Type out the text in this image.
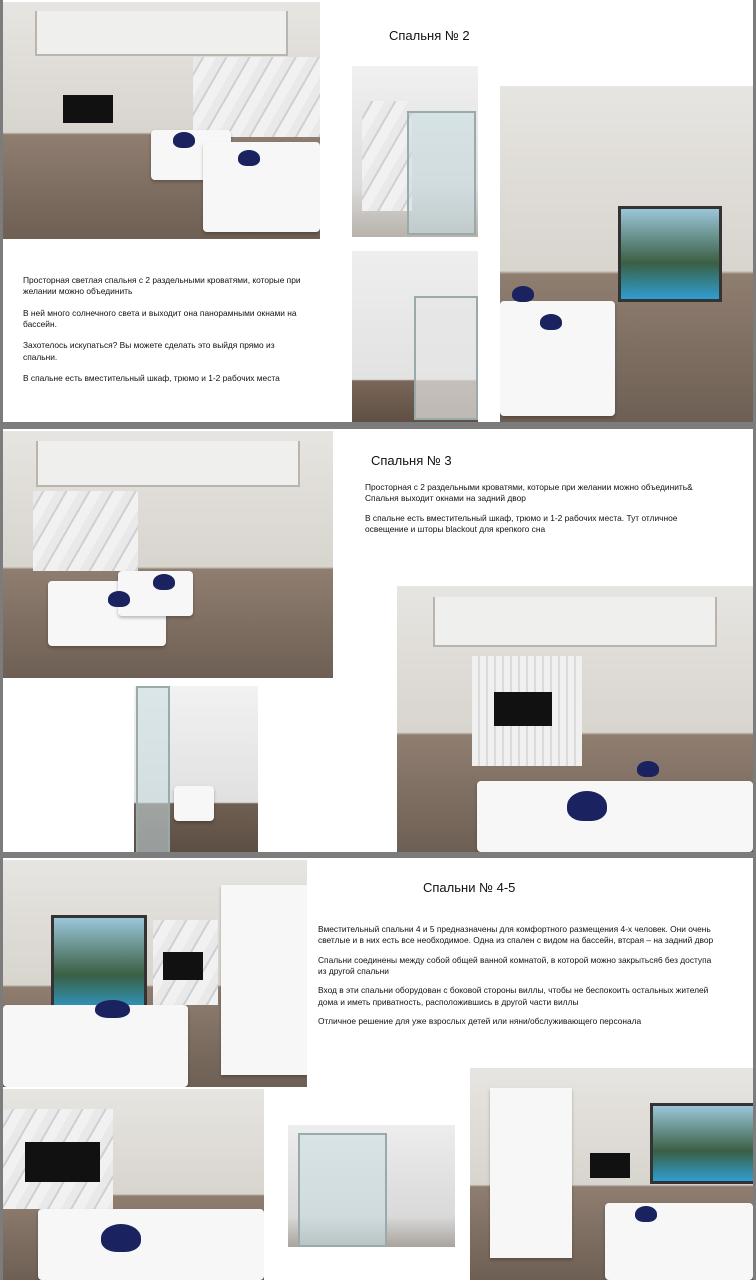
Спальня № 2

Просторная светлая спальня с 2 раздельными кроватями, которые при желании можно объединить

В ней много солнечного света и выходит она панорамными окнами на бассейн.

Захотелось искупаться? Вы можете сделать это выйдя прямо из спальни.

В спальне есть вместительный шкаф, трюмо и 1-2 рабочих места

Спальня № 3

Просторная с 2 раздельными кроватями, которые при желании можно объединить& Спальня выходит окнами на задний двор

В спальне есть вместительный шкаф, трюмо и 1-2 рабочих места. Тут отличное освещение и шторы blackout для крепкого сна

Спальни № 4-5

Вместительный спальни 4 и 5 предназначены для комфортного размещения 4-х человек. Они очень светлые и в них есть все необходимое. Одна из спален с видом на бассейн, втсрая – на задний двор

Спальни соединены между собой общей ванной комнатой, в которой можно закрыться6 без доступа из другой спальни

Вход в эти спальни оборудован с боковой стороны виллы, чтобы не беспокоить остальных жителей дома и иметь приватность, расположившись в другой части виллы

Отличное решение для уже взрослых детей или няни/обслуживающего персонала
